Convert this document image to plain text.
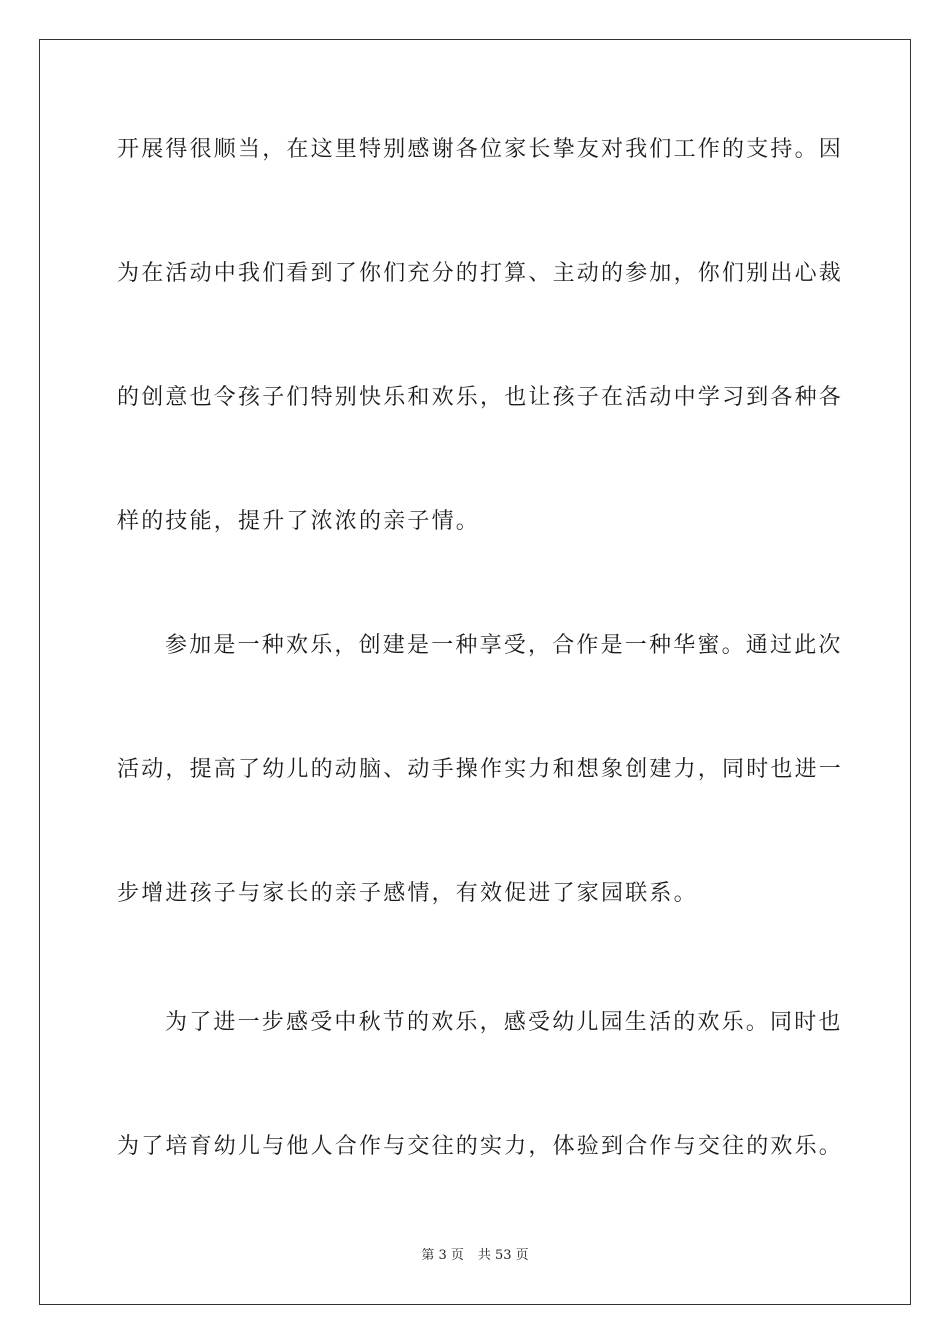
开展得很顺当，在这里特别感谢各位家长挚友对我们工作的支持。因
为在活动中我们看到了你们充分的打算、主动的参加，你们别出心裁
的创意也令孩子们特别快乐和欢乐，也让孩子在活动中学习到各种各
样的技能，提升了浓浓的亲子情。
参加是一种欢乐，创建是一种享受，合作是一种华蜜。通过此次
活动，提高了幼儿的动脑、动手操作实力和想象创建力，同时也进一
步增进孩子与家长的亲子感情，有效促进了家园联系。
为了进一步感受中秋节的欢乐，感受幼儿园生活的欢乐。同时也
为了培育幼儿与他人合作与交往的实力，体验到合作与交往的欢乐。
第 3 页 共 53 页
